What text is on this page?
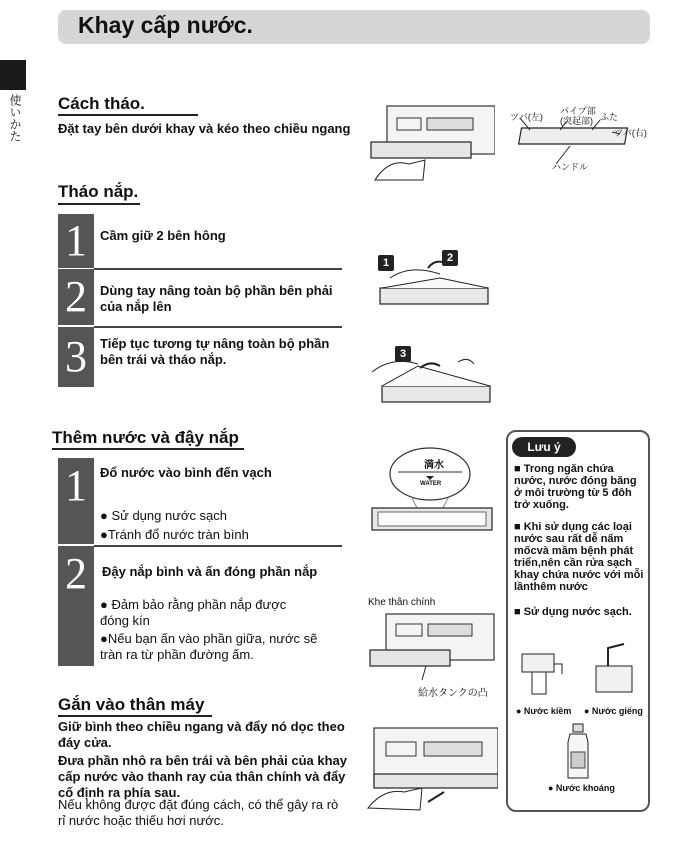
Khay cấp nước.
使いかた Cách tháo.
Đặt tay bên dưới khay và kéo theo chiều ngang
ツバ(左)
パイプ部
(突起部) ふた
ツバ(右)
ハンドル
Tháo nắp.
1	Cầm giữ 2 bên hông
2	Dùng tay nâng toàn bộ phần bên phải của nắp lên
3	Tiếp tục tương tự nâng toàn bộ phần bên trái và tháo nắp.
1	2
3
Thêm nước và đậy nắp
1	Đổ nước vào bình đến vạch
● Sử dụng nước sạch
●Tránh đổ nước tràn bình
2	Đậy nắp bình và ấn đóng phần nắp
● Đảm bảo rằng phần nắp được đóng kín
●Nếu bạn ấn vào phần giữa, nước sẽ tràn ra từ phần đường ấm.
満水
WATER
Khe thân chính
給水タンクの凸
Gắn vào thân máy
Giữ bình theo chiều ngang và đẩy nó dọc theo đáy cửa.
Đưa phần nhô ra bên trái và bên phải của khay cấp nước vào thanh ray của thân chính và đẩy cố định ra phía sau.
Nếu không được đặt đúng cách, có thể gây ra rò rỉ nước hoặc thiếu hơi nước.
Lưu ý
■ Trong ngăn chứa nước, nước đóng băng ở môi trường từ 5 đôh trở xuống.
■ Khi sử dụng các loại nước sau rất dễ nấm mốcvà mầm bệnh phát triển,nên cần rửa sạch khay chứa nước với mỗi lầnthêm nước
■ Sử dụng nước sạch.
● Nước kiềm ● Nước giếng
● Nước khoáng
